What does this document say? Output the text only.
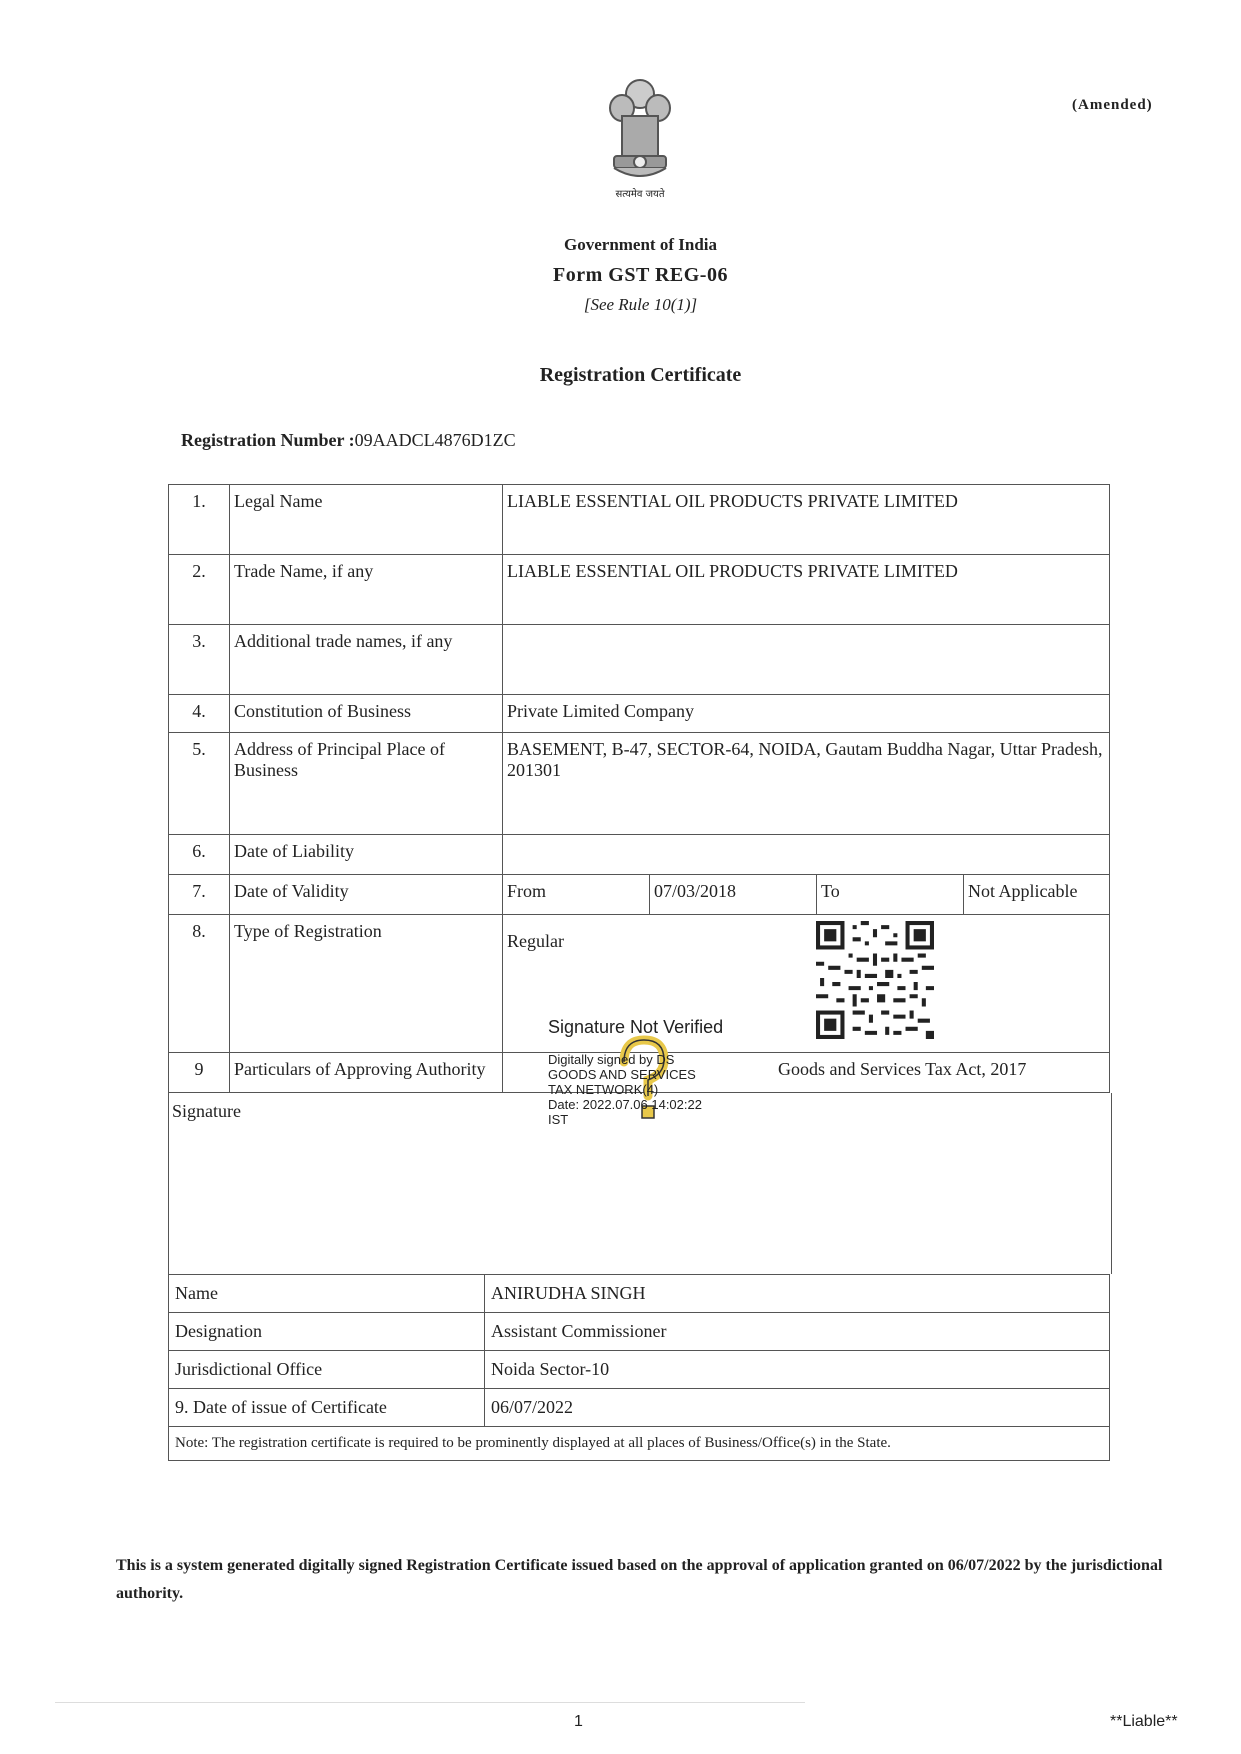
(Amended)
सत्यमेव जयते
Government of India
Form GST REG-06
[See Rule 10(1)]
Registration Certificate
Registration Number :09AADCL4876D1ZC
1.	Legal Name	LIABLE ESSENTIAL OIL PRODUCTS PRIVATE LIMITED			
2.	Trade Name, if any	LIABLE ESSENTIAL OIL PRODUCTS PRIVATE LIMITED			
3.	Additional trade names, if any				
4.	Constitution of Business	Private Limited Company			
5.	Address of Principal Place of Business	BASEMENT, B-47, SECTOR-64, NOIDA, Gautam Buddha Nagar, Uttar Pradesh, 201301			
6.	Date of Liability				
7.	Date of Validity	From	07/03/2018	To	Not Applicable
8.	Type of Registration	Regular			
9	Particulars of Approving Authority	Goods and Services Tax Act, 2017			
Signature
Signature Not Verified
Digitally signed by DS
GOODS AND SERVICES
TAX NETWORK(4)
Date: 2022.07.06 14:02:22
IST
Name	ANIRUDHA SINGH
Designation	Assistant Commissioner
Jurisdictional Office	Noida Sector-10
9. Date of issue of Certificate	06/07/2022
Note: The registration certificate is required to be prominently displayed at all places of Business/Office(s) in the State.	
This is a system generated digitally signed Registration Certificate issued based on the approval of application granted on 06/07/2022 by the jurisdictional authority.
1	**Liable**
